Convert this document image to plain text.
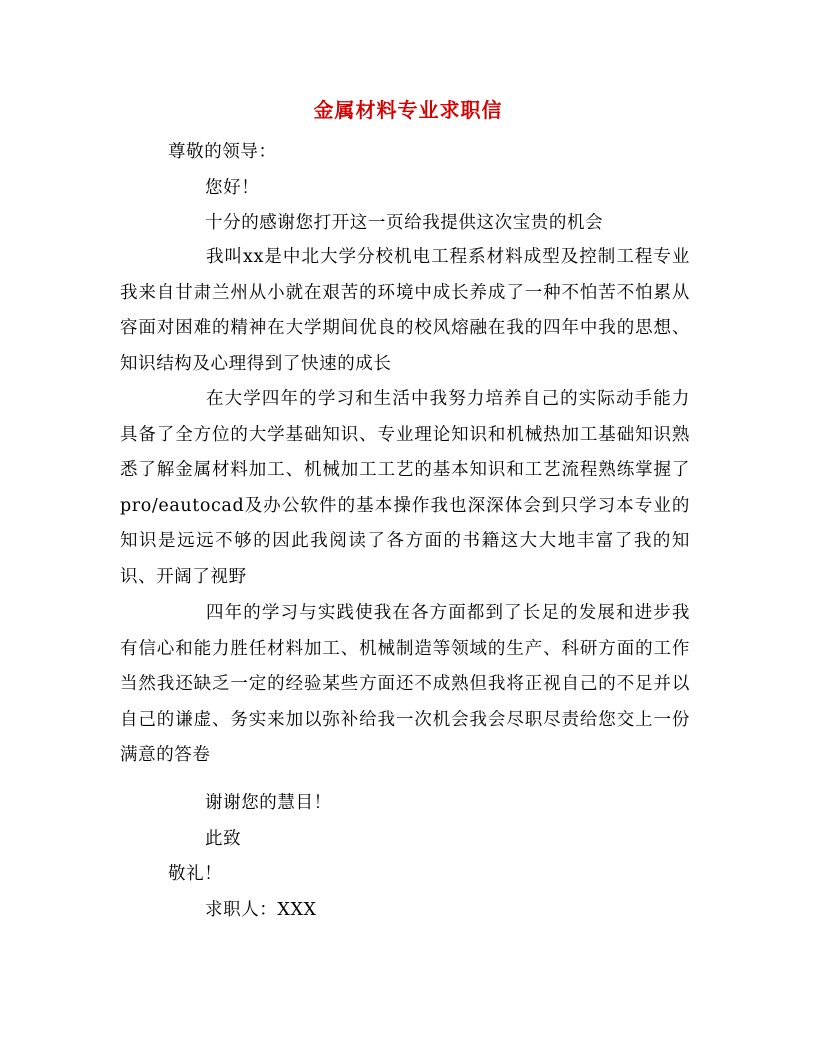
金属材料专业求职信

尊敬的领导：

您好！

十分的感谢您打开这一页给我提供这次宝贵的机会

我叫xx是中北大学分校机电工程系材料成型及控制工程专业我来自甘肃兰州从小就在艰苦的环境中成长养成了一种不怕苦不怕累从容面对困难的精神在大学期间优良的校风熔融在我的四年中我的思想、知识结构及心理得到了快速的成长

在大学四年的学习和生活中我努力培养自己的实际动手能力具备了全方位的大学基础知识、专业理论知识和机械热加工基础知识熟悉了解金属材料加工、机械加工工艺的基本知识和工艺流程熟练掌握了pro/eautocad及办公软件的基本操作我也深深体会到只学习本专业的知识是远远不够的因此我阅读了各方面的书籍这大大地丰富了我的知识、开阔了视野

四年的学习与实践使我在各方面都到了长足的发展和进步我有信心和能力胜任材料加工、机械制造等领域的生产、科研方面的工作当然我还缺乏一定的经验某些方面还不成熟但我将正视自己的不足并以自己的谦虚、务实来加以弥补给我一次机会我会尽职尽责给您交上一份满意的答卷

谢谢您的慧目！

此致

敬礼！

求职人：XXX
